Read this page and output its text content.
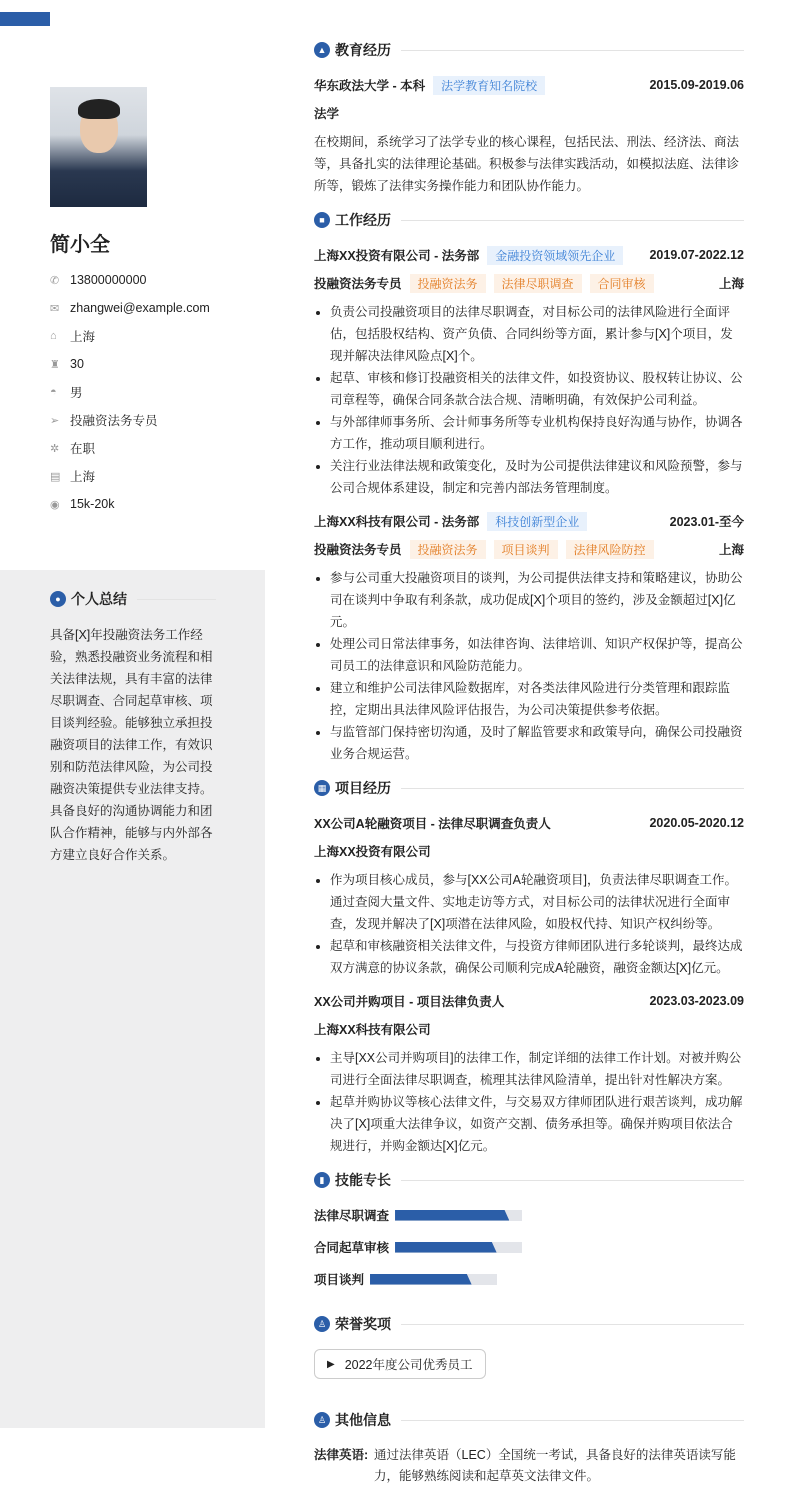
简小全
✆ 13800000000
✉ zhangwei@example.com
⌂	上海
♜ 30
◓	男
➢ 投融资法务专员
✲ 在职
▤ 上海
◉ 15k-20k
● 个人总结

具备[X]年投融资法务工作经验，熟悉投融资业务流程和相关法律法规，具有丰富的法律尽职调查、合同起草审核、项目谈判经验。能够独立承担投融资项目的法律工作，有效识别和防范法律风险，为公司投融资决策提供专业法律支持。具备良好的沟通协调能力和团队合作精神，能够与内外部各方建立良好合作关系。

▲ 教育经历
华东政法大学 - 本科	法学教育知名院校	2015.09-2019.06
法学

在校期间，系统学习了法学专业的核心课程，包括民法、刑法、经济法、商法等，具备扎实的法律理论基础。积极参与法律实践活动，如模拟法庭、法律诊所等，锻炼了法律实务操作能力和团队协作能力。

■ 工作经历
上海XX投资有限公司 - 法务部	金融投资领域领先企业	2019.07-2022.12
投融资法务专员	投融资法务	法律尽职调查	合同审核	上海
负责公司投融资项目的法律尽职调查，对目标公司的法律风险进行全面评估，包括股权结构、资产负债、合同纠纷等方面，累计参与[X]个项目，发现并解决法律风险点[X]个。
起草、审核和修订投融资相关的法律文件，如投资协议、股权转让协议、公司章程等，确保合同条款合法合规、清晰明确，有效保护公司利益。
与外部律师事务所、会计师事务所等专业机构保持良好沟通与协作，协调各方工作，推动项目顺利进行。
关注行业法律法规和政策变化，及时为公司提供法律建议和风险预警，参与公司合规体系建设，制定和完善内部法务管理制度。
上海XX科技有限公司 - 法务部	科技创新型企业	2023.01-至今
投融资法务专员	投融资法务	项目谈判	法律风险防控	上海
参与公司重大投融资项目的谈判，为公司提供法律支持和策略建议，协助公司在谈判中争取有利条款，成功促成[X]个项目的签约，涉及金额超过[X]亿元。
处理公司日常法律事务，如法律咨询、法律培训、知识产权保护等，提高公司员工的法律意识和风险防范能力。
建立和维护公司法律风险数据库，对各类法律风险进行分类管理和跟踪监控，定期出具法律风险评估报告，为公司决策提供参考依据。
与监管部门保持密切沟通，及时了解监管要求和政策导向，确保公司投融资业务合规运营。
▦ 项目经历
XX公司A轮融资项目 - 法律尽职调查负责人	2020.05-2020.12
上海XX投资有限公司
作为项目核心成员，参与[XX公司A轮融资项目]，负责法律尽职调查工作。通过查阅大量文件、实地走访等方式，对目标公司的法律状况进行全面审查，发现并解决了[X]项潜在法律风险，如股权代持、知识产权纠纷等。
起草和审核融资相关法律文件，与投资方律师团队进行多轮谈判，最终达成双方满意的协议条款，确保公司顺利完成A轮融资，融资金额达[X]亿元。
XX公司并购项目 - 项目法律负责人	2023.03-2023.09
上海XX科技有限公司
主导[XX公司并购项目]的法律工作，制定详细的法律工作计划。对被并购公司进行全面法律尽职调查，梳理其法律风险清单，提出针对性解决方案。
起草并购协议等核心法律文件，与交易双方律师团队进行艰苦谈判，成功解决了[X]项重大法律争议，如资产交割、债务承担等。确保并购项目依法合规进行，并购金额达[X]亿元。
▮ 技能专长
法律尽职调查
合同起草审核
项目谈判
♙ 荣誉奖项
▶ 2022年度公司优秀员工
♙ 其他信息
法律英语: 通过法律英语（LEC）全国统一考试，具备良好的法律英语读写能力，能够熟练阅读和起草英文法律文件。
